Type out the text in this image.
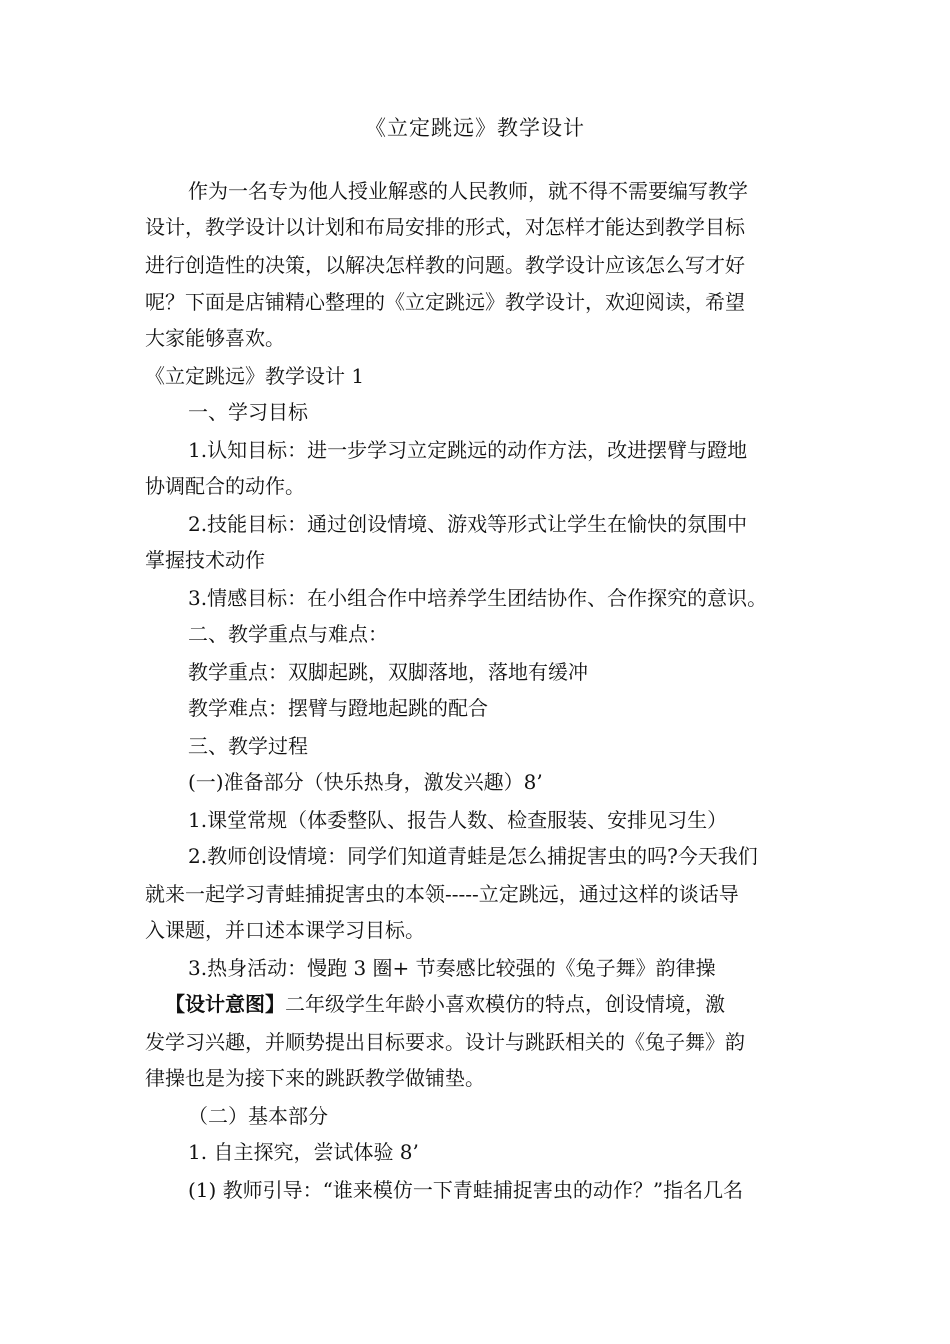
《立定跳远》教学设计
作为一名专为他人授业解惑的人民教师，就不得不需要编写教学
设计，教学设计以计划和布局安排的形式，对怎样才能达到教学目标
进行创造性的决策，以解决怎样教的问题。教学设计应该怎么写才好
呢？下面是店铺精心整理的《立定跳远》教学设计，欢迎阅读，希望
大家能够喜欢。
《立定跳远》教学设计 1
一、学习目标
1.认知目标：进一步学习立定跳远的动作方法，改进摆臂与蹬地
协调配合的动作。
2.技能目标：通过创设情境、游戏等形式让学生在愉快的氛围中
掌握技术动作
3.情感目标：在小组合作中培养学生团结协作、合作探究的意识。
二、教学重点与难点：
教学重点：双脚起跳，双脚落地，落地有缓冲
教学难点：摆臂与蹬地起跳的配合
三、教学过程
(一)准备部分（快乐热身，激发兴趣）8’
1.课堂常规（体委整队、报告人数、检查服装、安排见习生）
2.教师创设情境：同学们知道青蛙是怎么捕捉害虫的吗?今天我们
就来一起学习青蛙捕捉害虫的本领-----立定跳远，通过这样的谈话导
入课题，并口述本课学习目标。
3.热身活动：慢跑 3 圈+ 节奏感比较强的《兔子舞》韵律操
【设计意图】二年级学生年龄小喜欢模仿的特点，创设情境，激
发学习兴趣，并顺势提出目标要求。设计与跳跃相关的《兔子舞》韵
律操也是为接下来的跳跃教学做铺垫。
（二）基本部分
1. 自主探究，尝试体验 8’
(1) 教师引导：“谁来模仿一下青蛙捕捉害虫的动作？”指名几名
